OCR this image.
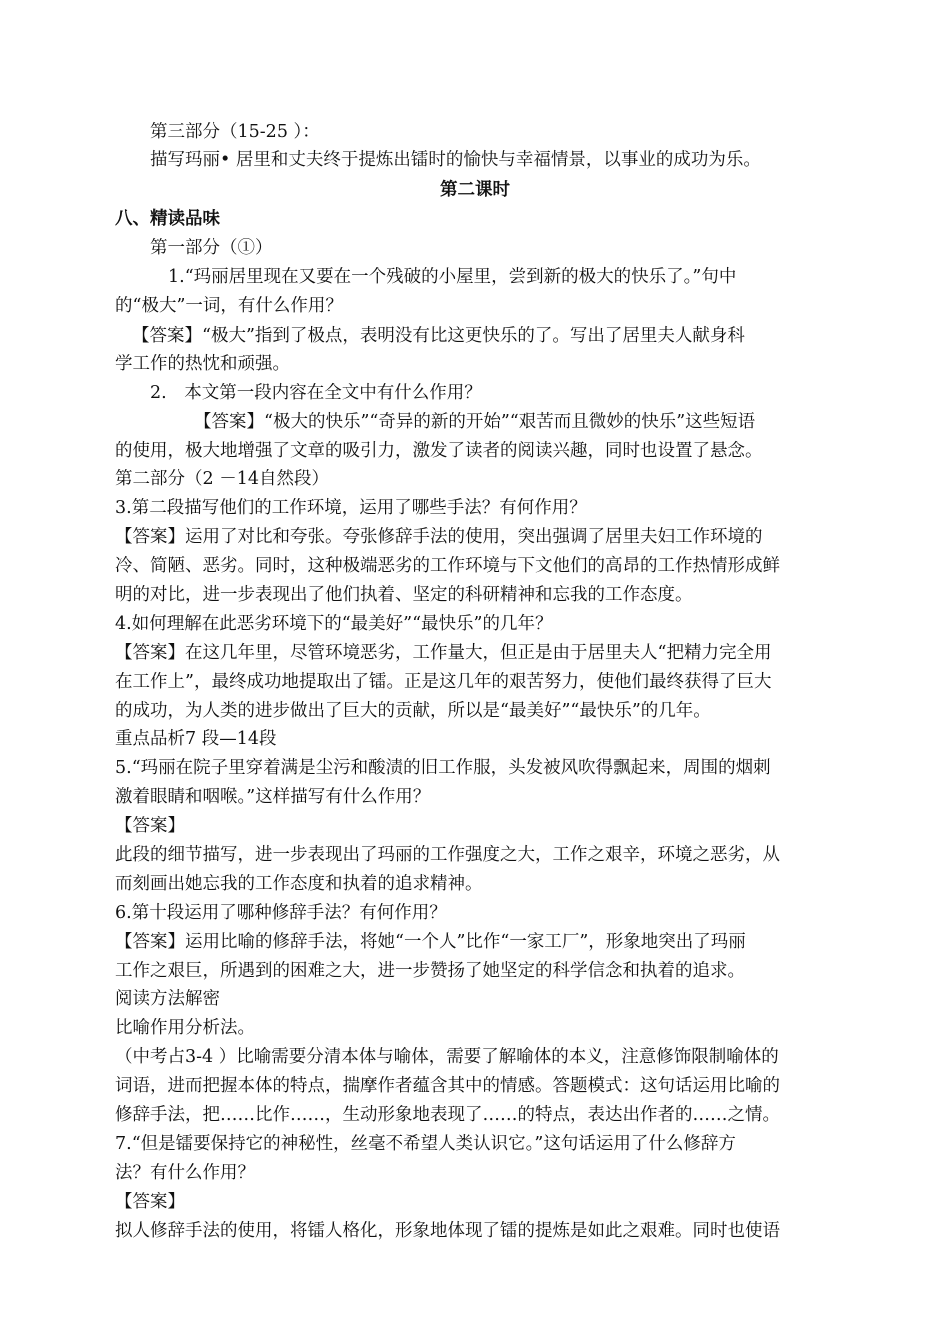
第三部分（15-25 ）：
描写玛丽• 居里和丈夫终于提炼出镭时的愉快与幸福情景，以事业的成功为乐。
第二课时
八、精读品味
第一部分（①）
1.“玛丽居里现在又要在一个残破的小屋里，尝到新的极大的快乐了。”句中
的“极大”一词，有什么作用？
【答案】“极大”指到了极点，表明没有比这更快乐的了。写出了居里夫人献身科
学工作的热忱和顽强。
2.　本文第一段内容在全文中有什么作用？
【答案】“极大的快乐”“奇异的新的开始”“艰苦而且微妙的快乐”这些短语
的使用，极大地增强了文章的吸引力，激发了读者的阅读兴趣，同时也设置了悬念。
第二部分（2 －14自然段）
3.第二段描写他们的工作环境，运用了哪些手法？有何作用？
【答案】运用了对比和夸张。夸张修辞手法的使用，突出强调了居里夫妇工作环境的
冷、简陋、恶劣。同时，这种极端恶劣的工作环境与下文他们的高昂的工作热情形成鲜
明的对比，进一步表现出了他们执着、坚定的科研精神和忘我的工作态度。
4.如何理解在此恶劣环境下的“最美好”“最快乐”的几年？
【答案】在这几年里，尽管环境恶劣，工作量大，但正是由于居里夫人“把精力完全用
在工作上”，最终成功地提取出了镭。正是这几年的艰苦努力，使他们最终获得了巨大
的成功，为人类的进步做出了巨大的贡献，所以是“最美好”“最快乐”的几年。
重点品析7 段—14段
5.“玛丽在院子里穿着满是尘污和酸渍的旧工作服，头发被风吹得飘起来，周围的烟刺
激着眼睛和咽喉。”这样描写有什么作用？
【答案】
此段的细节描写，进一步表现出了玛丽的工作强度之大，工作之艰辛，环境之恶劣，从
而刻画出她忘我的工作态度和执着的追求精神。
6.第十段运用了哪种修辞手法？有何作用？
【答案】运用比喻的修辞手法，将她“一个人”比作“一家工厂”，形象地突出了玛丽
工作之艰巨，所遇到的困难之大，进一步赞扬了她坚定的科学信念和执着的追求。
阅读方法解密
比喻作用分析法。
（中考占3-4 ）比喻需要分清本体与喻体，需要了解喻体的本义，注意修饰限制喻体的
词语，进而把握本体的特点，揣摩作者蕴含其中的情感。答题模式：这句话运用比喻的
修辞手法，把……比作……，生动形象地表现了……的特点，表达出作者的……之情。
7.“但是镭要保持它的神秘性，丝毫不希望人类认识它。”这句话运用了什么修辞方
法？有什么作用？
【答案】
拟人修辞手法的使用，将镭人格化，形象地体现了镭的提炼是如此之艰难。同时也使语
